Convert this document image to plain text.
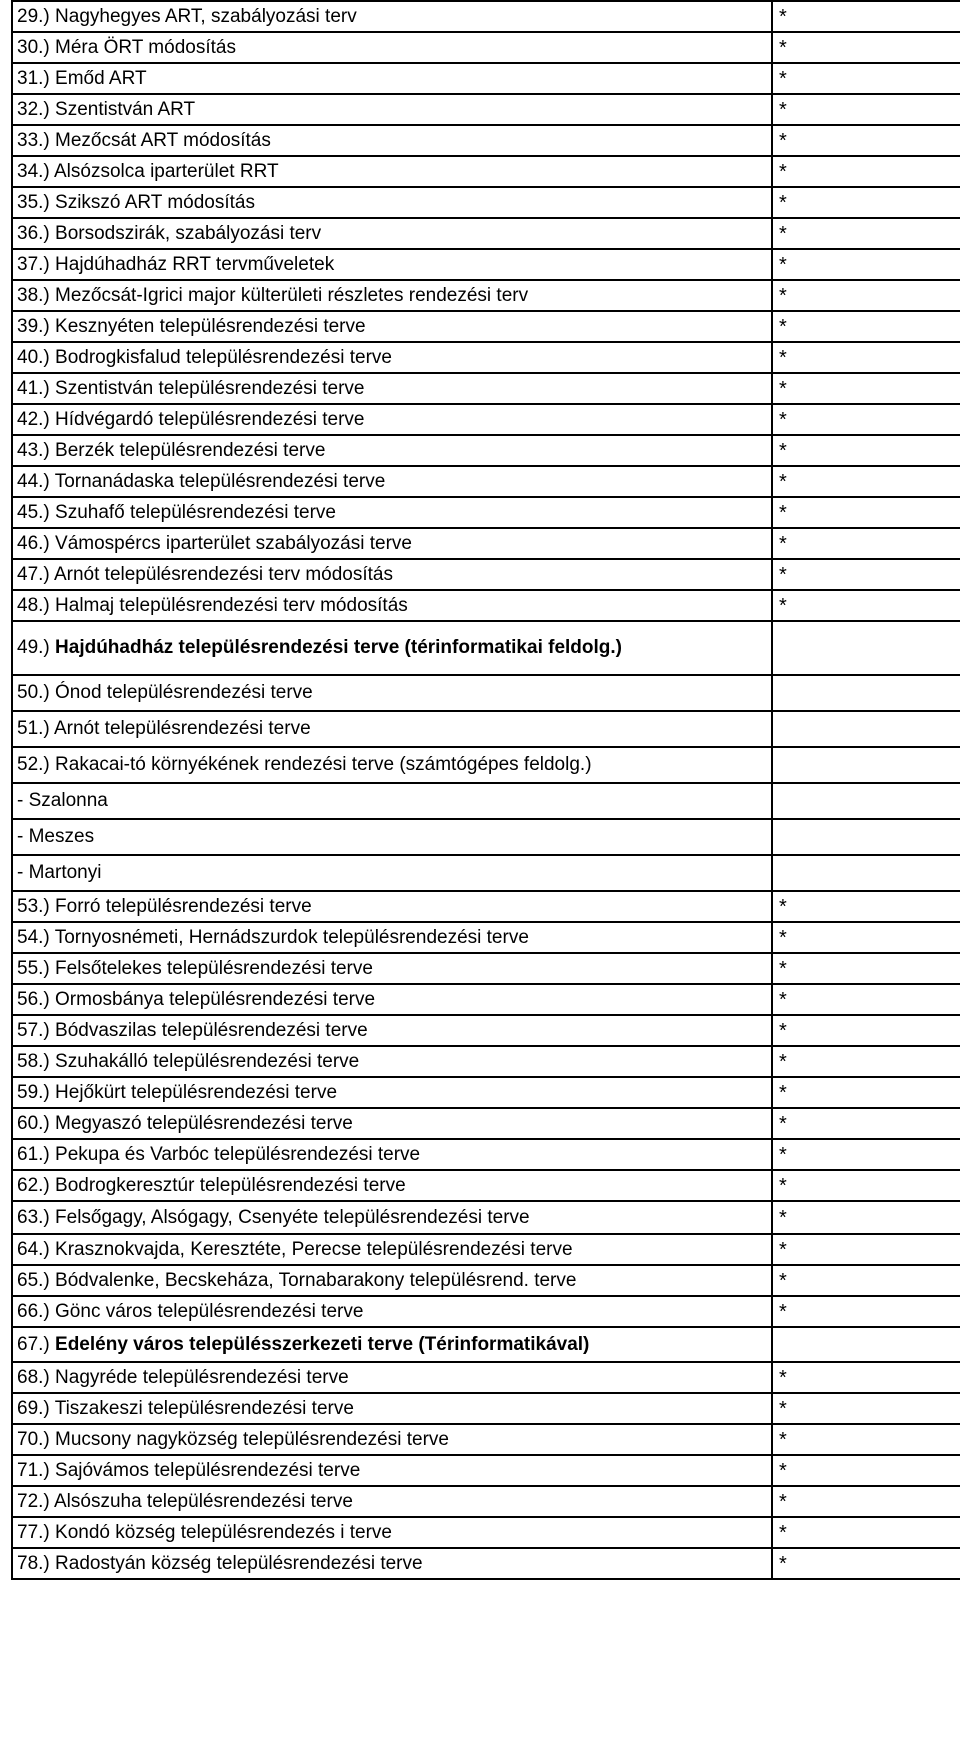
29.) Nagyhegyes ART, szabályozási terv	*
30.) Méra ÖRT módosítás	*
31.) Emőd ART	*
32.) Szentistván ART	*
33.) Mezőcsát ART módosítás	*
34.) Alsózsolca iparterület RRT	*
35.) Szikszó ART módosítás	*
36.) Borsodszirák, szabályozási terv	*
37.) Hajdúhadház RRT tervműveletek	*
38.) Mezőcsát-Igrici major külterületi részletes rendezési terv	*
39.) Kesznyéten településrendezési terve	*
40.) Bodrogkisfalud településrendezési terve	*
41.) Szentistván településrendezési terve	*
42.) Hídvégardó településrendezési terve	*
43.) Berzék településrendezési terve	*
44.) Tornanádaska településrendezési terve	*
45.) Szuhafő településrendezési terve	*
46.) Vámospércs iparterület szabályozási terve	*
47.) Arnót településrendezési terv módosítás	*
48.) Halmaj településrendezési terv módosítás	*
49.) Hajdúhadház településrendezési terve (térinformatikai feldolg.)	
50.) Ónod településrendezési terve	
51.) Arnót településrendezési terve	
52.) Rakacai-tó környékének rendezési terve (számtógépes feldolg.)	
- Szalonna	
- Meszes	
- Martonyi	
53.) Forró településrendezési terve	*
54.) Tornyosnémeti, Hernádszurdok településrendezési terve	*
55.) Felsőtelekes településrendezési terve	*
56.) Ormosbánya településrendezési terve	*
57.) Bódvaszilas településrendezési terve	*
58.) Szuhakálló településrendezési terve	*
59.) Hejőkürt településrendezési terve	*
60.) Megyaszó településrendezési terve	*
61.) Pekupa és Varbóc településrendezési terve	*
62.) Bodrogkeresztúr településrendezési terve	*
63.) Felsőgagy, Alsógagy, Csenyéte településrendezési terve	*
64.) Krasznokvajda, Keresztéte, Perecse településrendezési terve	*
65.) Bódvalenke, Becskeháza, Tornabarakony településrend. terve	*
66.) Gönc város településrendezési terve	*
67.) Edelény város településszerkezeti terve (Térinformatikával)	
68.) Nagyréde településrendezési terve	*
69.) Tiszakeszi településrendezési terve	*
70.) Mucsony nagyközség településrendezési terve	*
71.) Sajóvámos településrendezési terve	*
72.) Alsószuha településrendezési terve	*
77.) Kondó község településrendezés i terve	*
78.) Radostyán község településrendezési terve	*
